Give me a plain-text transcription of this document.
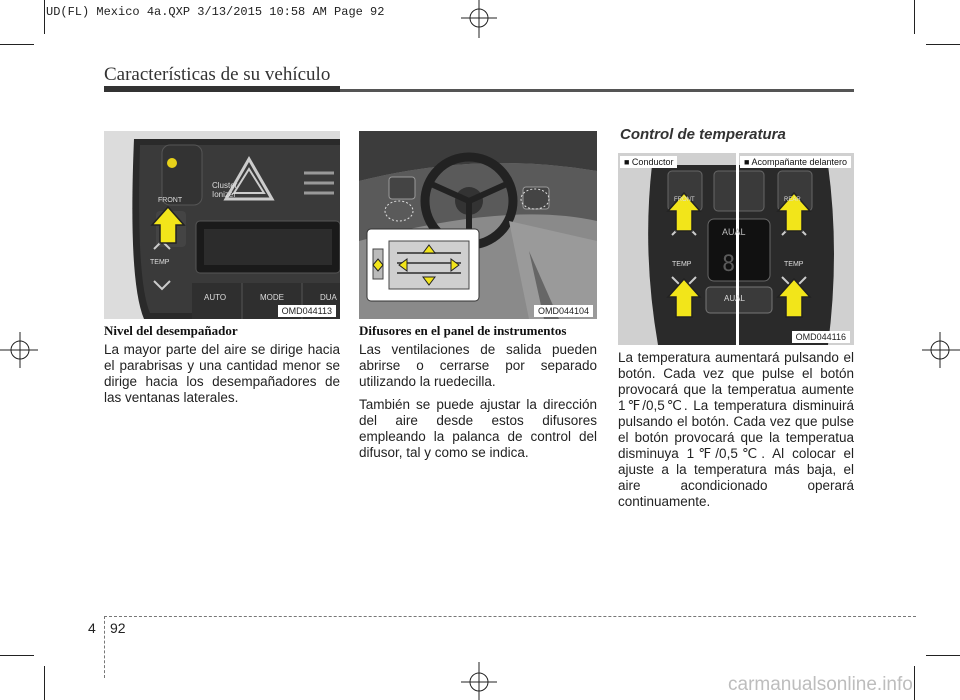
UD(FL) Mexico 4a.QXP 3/13/2015 10:58 AM Page 92
Características de su vehículo
Cluster
Ionizer
FRONT
TEMP
AUTO	MODE	DUA
OMD044113	OMD044104
8
■ Conductor	■ Acompañante delantero
FRONT	REAR
TEMP	TEMP
AUAL
AUAL
OMD044116
Control de temperatura
Nivel del desempañador

La mayor parte del aire se dirige hacia el parabrisas y una cantidad menor se dirige hacia los desempañadores de las ventanas laterales.

Difusores en el panel de instrumentos

Las ventilaciones de salida pueden abrirse o cerrarse por separado utilizando la ruedecilla.

También se puede ajustar la dirección del aire desde estos difusores empleando la palanca de control del difusor, tal y como se indica.

La temperatura aumentará pulsando el botón. Cada vez que pulse el botón provocará que la temperatua aumente 1℉/0,5℃. La temperatura disminuirá pulsando el botón. Cada vez que pulse el botón provocará que la temperatua disminuya 1℉/0,5℃. Al colocar el ajuste a la temperatura más baja, el aire acondicionado operará continuamente.

4 92
carmanualsonline.info
